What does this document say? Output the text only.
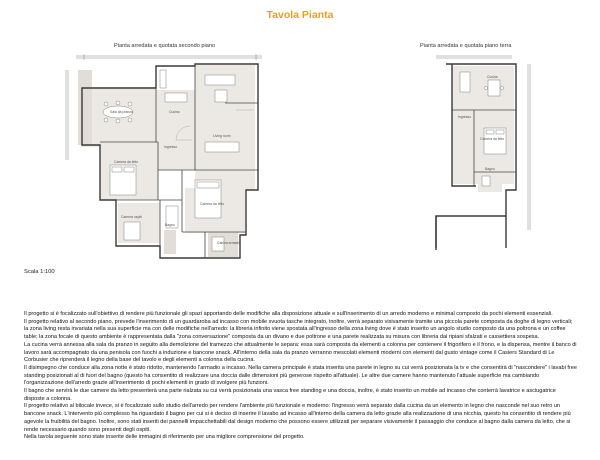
Tavola Pianta
Pianta arredata e quotata secondo piano	Pianta arredata e quotata piano terra
Sala da pranzo	Cucina
Living room
Ingresso
Camera da letto
Camera da letto
Camera ospiti
Bagno
Cabina armadio
Cucina
Ingresso
Camera da letto
Bagno
Scala 1:100

Il progetto si è focalizzato sull'obiettivo di rendere più funzionale gli spazi apportando delle modifiche alla disposizione attuale e sull'inserimento di un arredo moderno e minimal composto da pochi elementi essenziali.

Il progetto relativo al secondo piano, prevede l'inserimento di un guardaroba ad incasso con mobile svuota tasche integrato, inoltre, verrà separato visivamente tramite una piccola parete composta da doghe di legno verticali; la zona living resta invariata nella sua superficie ma con delle modifiche nell'arredo: la libreria infinito viene spostata all'ingresso della zona living dove è stato inserito un angolo studio composto da una poltrona e un coffee table; la zona focale di questo ambiente è rappresentata dalla "zona conversazione" composta da un divano e due poltrone e una parete realizzata su misura con libreria dai ripiani sfalzati e cassettiera sospesa.

La cucina verrà annessa alla sala da pranzo in seguito alla demolizione del tramezzo che attualmente le separa: essa sarà composta da elementi a colonna per contenere il frigorifero e il frono, e la dispensa, mentre il banco di lavoro sarà accompagnato da una penisola con fuochi a induzione e bancone snack. All'interno della sala da pranzo verranno mescolati elementi moderni con elementi dal gusto vintage come il Casiers Standard di Le Corbusier che riprenderà il legno della base del tavolo e degli elementi a colonna della cucina.

Il disimpegno che conduce alla zona notte è stato ridotto, mantenendo l'armadio a incasso. Nella camera principale è stata inserita una parete in legno su cui verrà posizionata la tv e che consentirà di "nascondere" i lavabi free standing posizionati al di fuori del bagno (questo ha consentito di realizzare una doccia dalle dimensioni più generose rispetto all'attuale). Le altre due camere hanno mantenuto l'attuale superficie ma cambiando l'organizzazione dell'arredo grazie all'inserimento di pochi elementi in grado di svolgere più funzioni.

Il bagno che servirà le due camere da letto presenterà una parte rialzata su cui verrà posizionata una vasca free standing e una doccia, inoltre, è stato inserito un mobile ad incasso che conterrà lavatrice e asciugatrice disposte a colonna.

Il progetto relativo al bilocale invece, si è focalizzato sullo studio dell'arredo per rendere l'ambiente più funzionale e moderno: l'ingresso verrà separato dalla cucina da un elemento in legno che nasconde nel suo retro un bancone snack. L'intervento più complesso ha riguardato il bagno per cui si è deciso di inserire il lavabo ad incasso all'interno della camera da letto grazie alla realizzazione di una nicchia, questo ha consentito di rendere più agevole la fruibilità del bagno. Inoltre, sono stati inseriti dei pannelli impacchettabili dal design moderno che possono essere utilizzati per separare visivamente il passaggio che conduce al bagno dalla camera da letto, che si rende necessario quando sono presenti degli ospiti.

Nella tavola seguente sono state inserite delle immagini di riferimento per una migliore comprensione del progetto.
